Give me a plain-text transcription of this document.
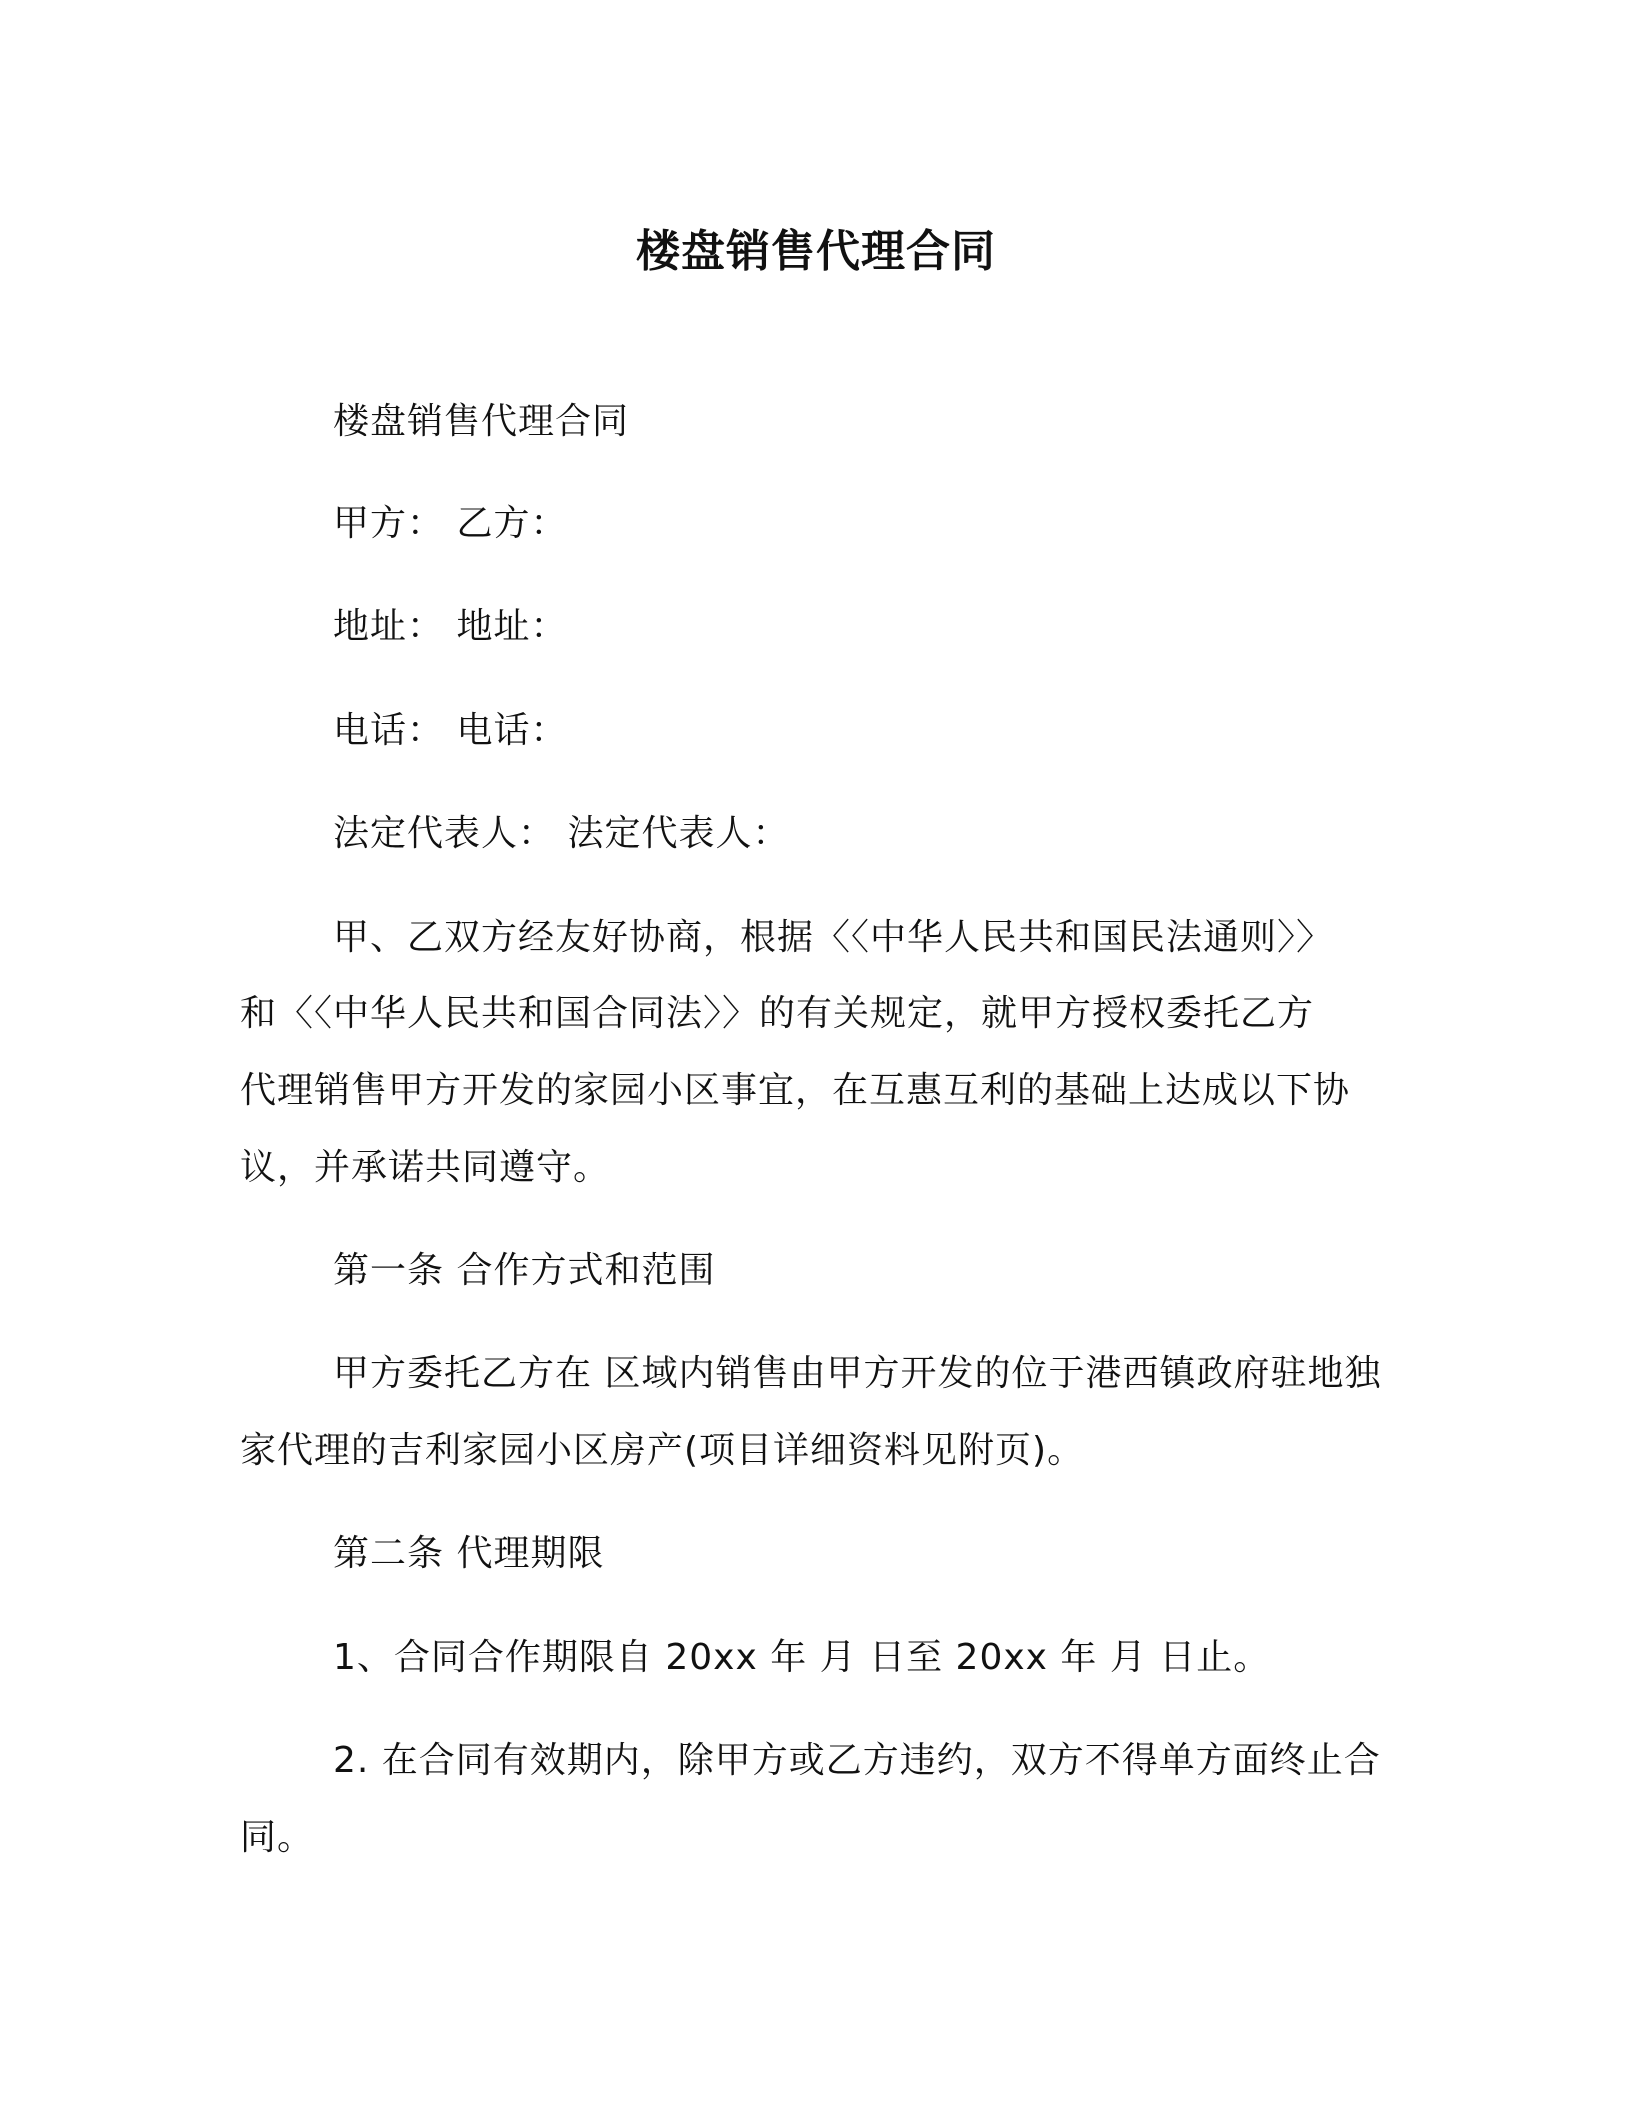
楼盘销售代理合同
楼盘销售代理合同
甲方： 乙方：
地址： 地址：
电话： 电话：
法定代表人： 法定代表人：
甲、乙双方经友好协商，根据〈〈中华人民共和国民法通则〉〉
和〈〈中华人民共和国合同法〉〉的有关规定，就甲方授权委托乙方
代理销售甲方开发的家园小区事宜，在互惠互利的基础上达成以下协
议，并承诺共同遵守。
第一条 合作方式和范围
甲方委托乙方在 区域内销售由甲方开发的位于港西镇政府驻地独
家代理的吉利家园小区房产(项目详细资料见附页)。
第二条 代理期限
1、合同合作期限自 20xx 年 月 日至 20xx 年 月 日止。
2. 在合同有效期内，除甲方或乙方违约，双方不得单方面终止合
同。
